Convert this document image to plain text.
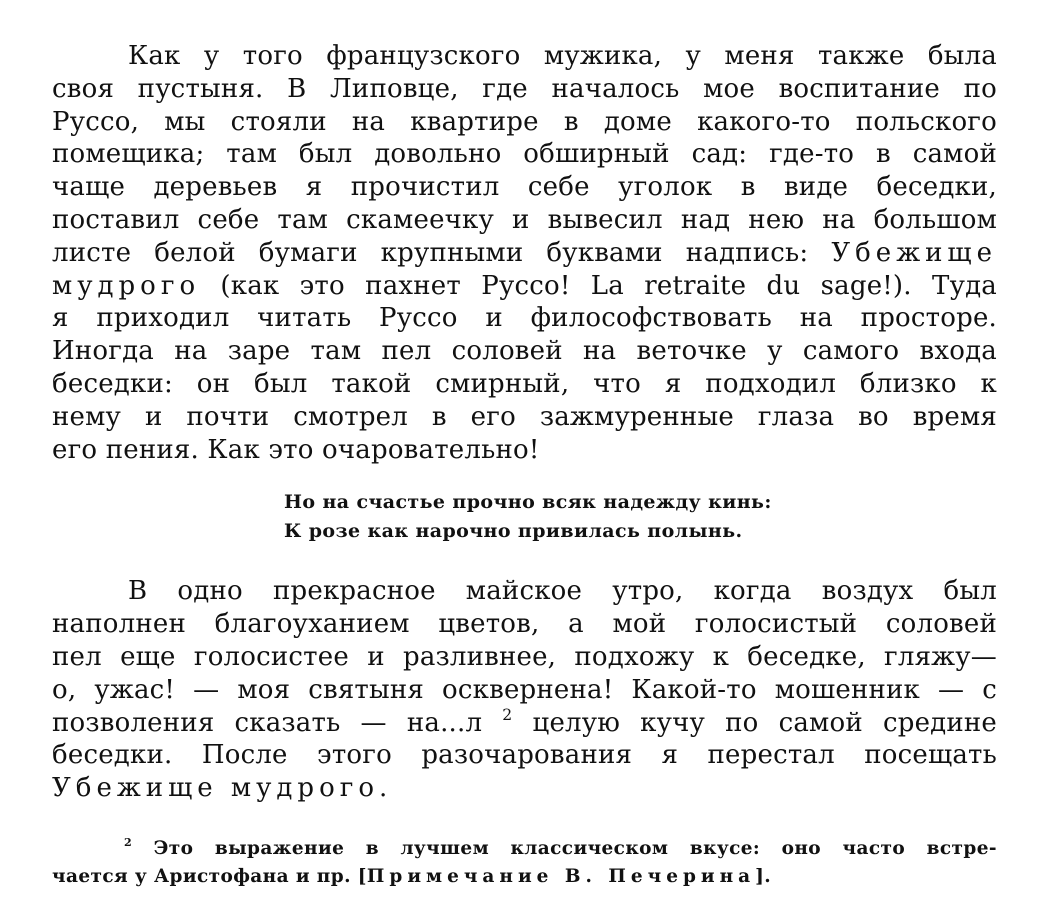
Как у того французского мужика, у меня также была
своя пустыня. В Липовце, где началось мое воспитание по
Руссо, мы стояли на квартире в доме какого-то польского
помещика; там был довольно обширный сад: где-то в самой
чаще деревьев я прочистил себе уголок в виде беседки,
поставил себе там скамеечку и вывесил над нею на большом
листе белой бумаги крупными буквами надпись: Убежище
мудрого (как это пахнет Руссо! La retraite du sage!). Туда
я приходил читать Руссо и философствовать на просторе.
Иногда на заре там пел соловей на веточке у самого входа
беседки: он был такой смирный, что я подходил близко к
нему и почти смотрел в его зажмуренные глаза во время
его пения. Как это очаровательно!

Но на счастье прочно всяк надежду кинь:
К розе как нарочно привилась полынь.

В одно прекрасное майское утро, когда воздух был
наполнен благоуханием цветов, а мой голосистый соловей
пел еще голосистее и разливнее, подхожу к беседке, гляжу—
о, ужас! — моя святыня осквернена! Какой-то мошенник — с
позволения сказать — на...л $^2$ целую кучу по самой средине
беседки. После этого разочарования я перестал посещать
Убежище мудрого.

$^2$ Это выражение в лучшем классическом вкусе: оно часто встре-
чается у Аристофана и пр. [Примечание В. Печерина].
